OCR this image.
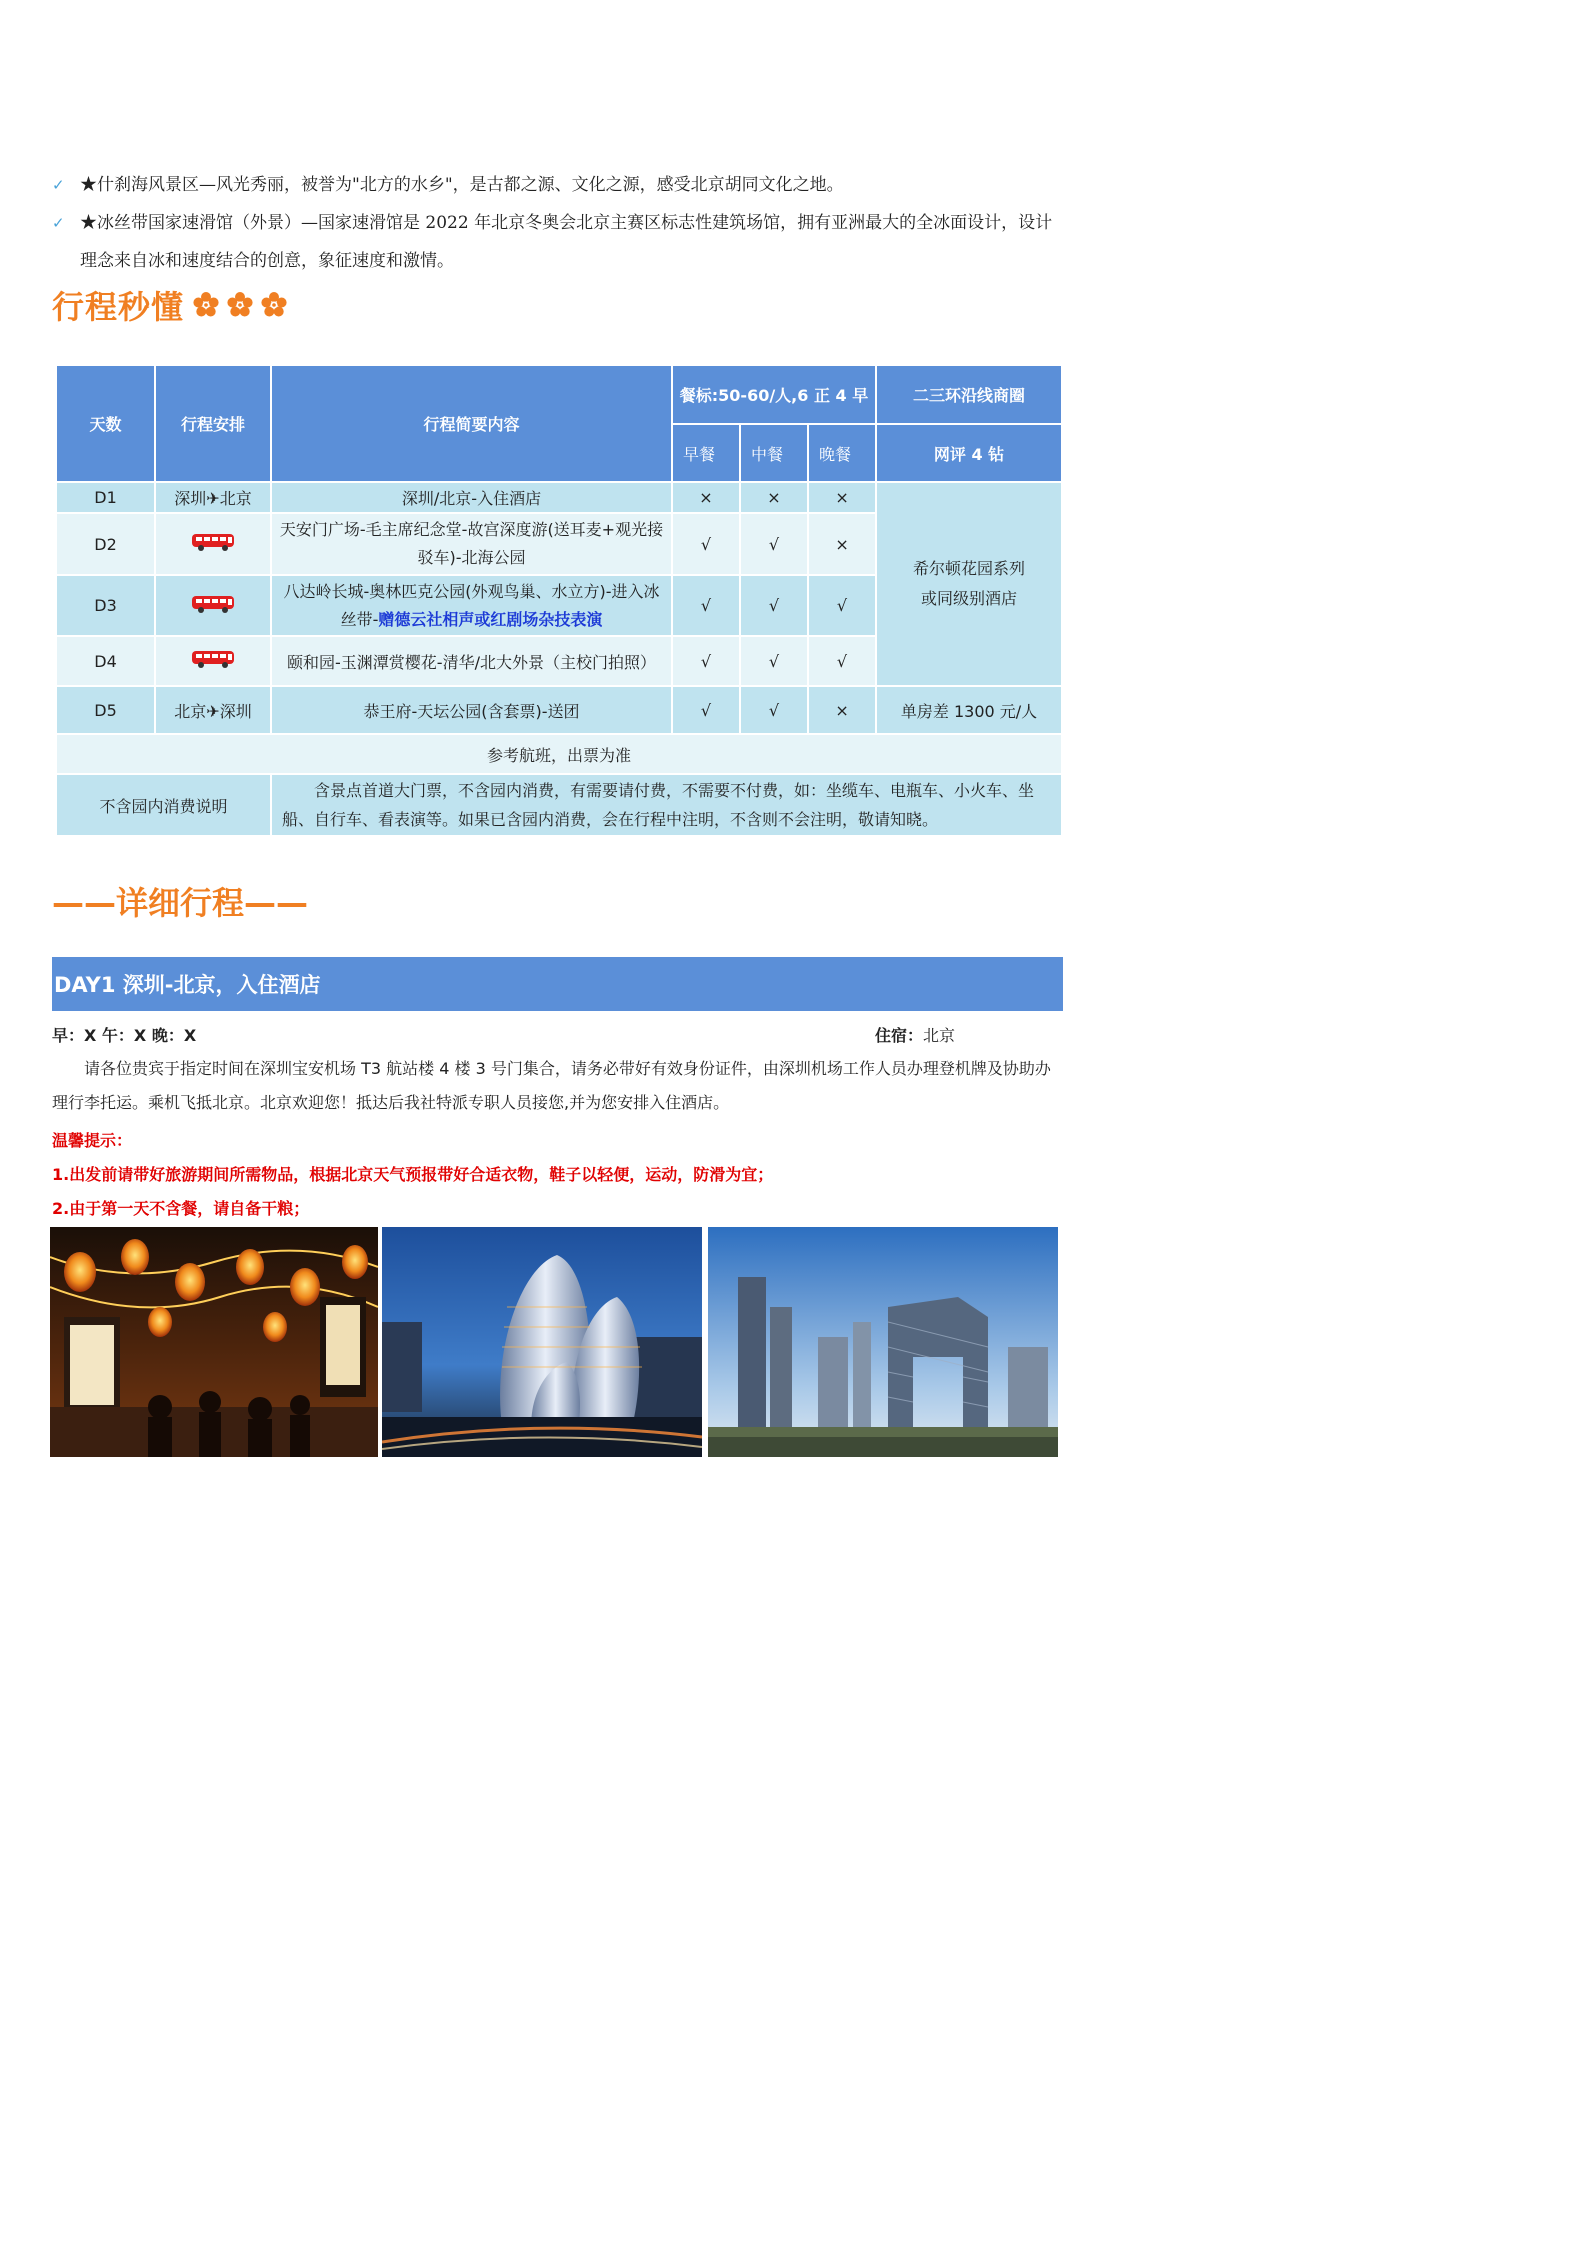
✓ ★什刹海风景区—风光秀丽，被誉为"北方的水乡"，是古都之源、文化之源，感受北京胡同文化之地。
✓ ★冰丝带国家速滑馆（外景）—国家速滑馆是 2022 年北京冬奥会北京主赛区标志性建筑场馆，拥有亚洲最大的全冰面设计，设计理念来自冰和速度结合的创意，象征速度和激情。
行程秒懂
天数	行程安排	行程简要内容	餐标:50-60/人,6 正 4 早			二三环沿线商圈
			早餐	中餐	晚餐	网评 4 钻
D1	深圳✈北京	深圳/北京-入住酒店	×	×	×	希尔顿花园系列
或同级别酒店

D2		天安门广场-毛主席纪念堂-故宫深度游(送耳麦+观光接驳车)-北海公园	√	√	×	
D3		八达岭长城-奥林匹克公园(外观鸟巢、水立方)-进入冰丝带-赠德云社相声或红剧场杂技表演	√	√	√	
D4		颐和园-玉渊潭赏樱花-清华/北大外景（主校门拍照）	√	√	√	
D5	北京✈深圳	恭王府-天坛公园(含套票)-送团	√	√	×	单房差 1300 元/人
参考航班，出票为准						
不含园内消费说明		含景点首道大门票，不含园内消费，有需要请付费，不需要不付费，如：坐缆车、电瓶车、小火车、坐船、自行车、看表演等。如果已含园内消费，会在行程中注明，不含则不会注明，敬请知晓。				
——详细行程——
DAY1 深圳-北京，入住酒店
早：X 午：X 晚：X	住宿：北京
请各位贵宾于指定时间在深圳宝安机场 T3 航站楼 4 楼 3 号门集合，请务必带好有效身份证件，由深圳机场工作人员办理登机牌及协助办理行李托运。乘机飞抵北京。北京欢迎您！抵达后我社特派专职人员接您,并为您安排入住酒店。
温馨提示：
1.出发前请带好旅游期间所需物品，根据北京天气预报带好合适衣物，鞋子以轻便，运动，防滑为宜；
2.由于第一天不含餐，请自备干粮；
